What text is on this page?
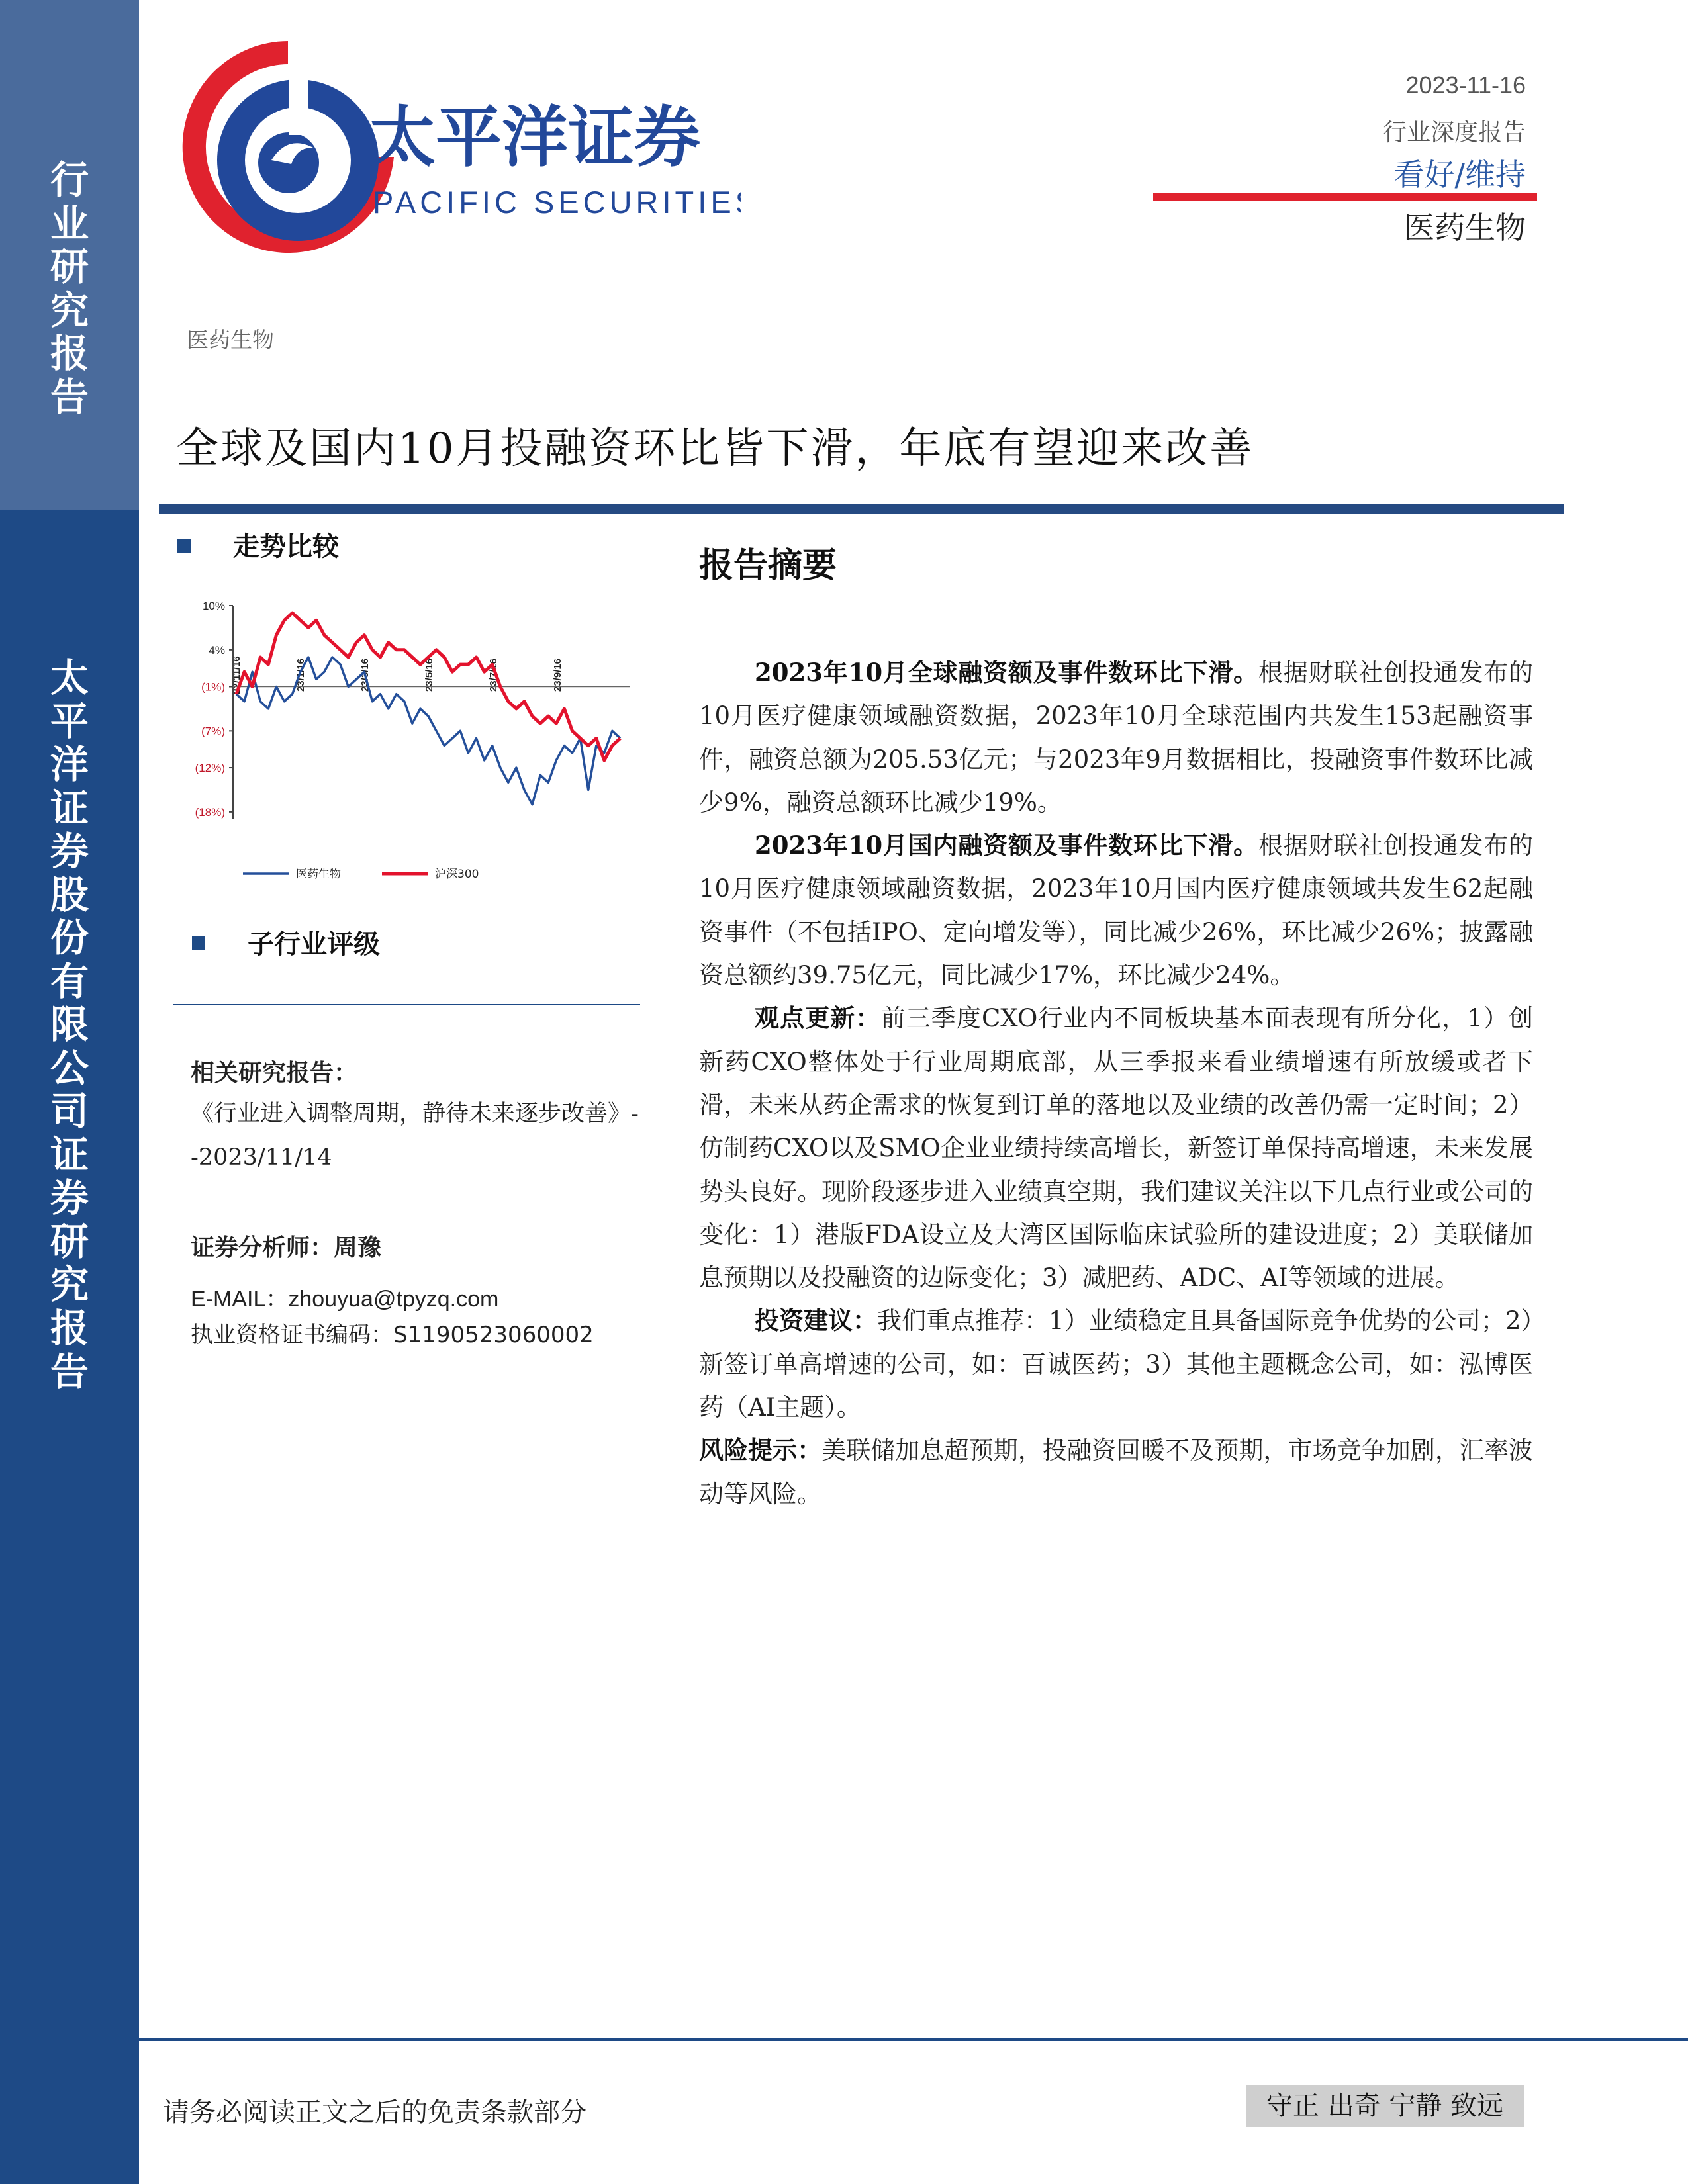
行
业
研
究
报
告
太
平
洋
证
券
股
份
有
限
公
司
证
券
研
究
报
告
太平洋证券
PACIFIC SECURITIES
2023-11-16
行业深度报告
看好/维持
医药生物
医药生物
全球及国内10月投融资环比皆下滑，年底有望迎来改善
走势比较
10%
4%
(1%)
(7%)
(12%)
(18%)
22/11/16	23/1/16	23/3/16	23/5/16	23/7/16	23/9/16
医药生物	沪深300
子行业评级
相关研究报告：
《行业进入调整周期，静待未来逐步改善》--2023/11/14
证券分析师：周豫
E-MAIL：zhouyua@tpyzq.com
执业资格证书编码：S1190523060002
报告摘要

2023年10月全球融资额及事件数环比下滑。根据财联社创投通发布的10月医疗健康领域融资数据，2023年10月全球范围内共发生153起融资事件，融资总额为205.53亿元；与2023年9月数据相比，投融资事件数环比减少9%，融资总额环比减少19%。

2023年10月国内融资额及事件数环比下滑。根据财联社创投通发布的10月医疗健康领域融资数据，2023年10月国内医疗健康领域共发生62起融资事件（不包括IPO、定向增发等），同比减少26%，环比减少26%；披露融资总额约39.75亿元，同比减少17%，环比减少24%。

观点更新：前三季度CXO行业内不同板块基本面表现有所分化，1）创新药CXO整体处于行业周期底部，从三季报来看业绩增速有所放缓或者下滑，未来从药企需求的恢复到订单的落地以及业绩的改善仍需一定时间；2）仿制药CXO以及SMO企业业绩持续高增长，新签订单保持高增速，未来发展势头良好。现阶段逐步进入业绩真空期，我们建议关注以下几点行业或公司的变化：1）港版FDA设立及大湾区国际临床试验所的建设进度；2）美联储加息预期以及投融资的边际变化；3）减肥药、ADC、AI等领域的进展。

投资建议：我们重点推荐：1）业绩稳定且具备国际竞争优势的公司；2）新签订单高增速的公司，如：百诚医药；3）其他主题概念公司，如：泓博医药（AI主题）。

风险提示：美联储加息超预期，投融资回暖不及预期，市场竞争加剧，汇率波动等风险。

请务必阅读正文之后的免责条款部分	守正 出奇 宁静 致远
